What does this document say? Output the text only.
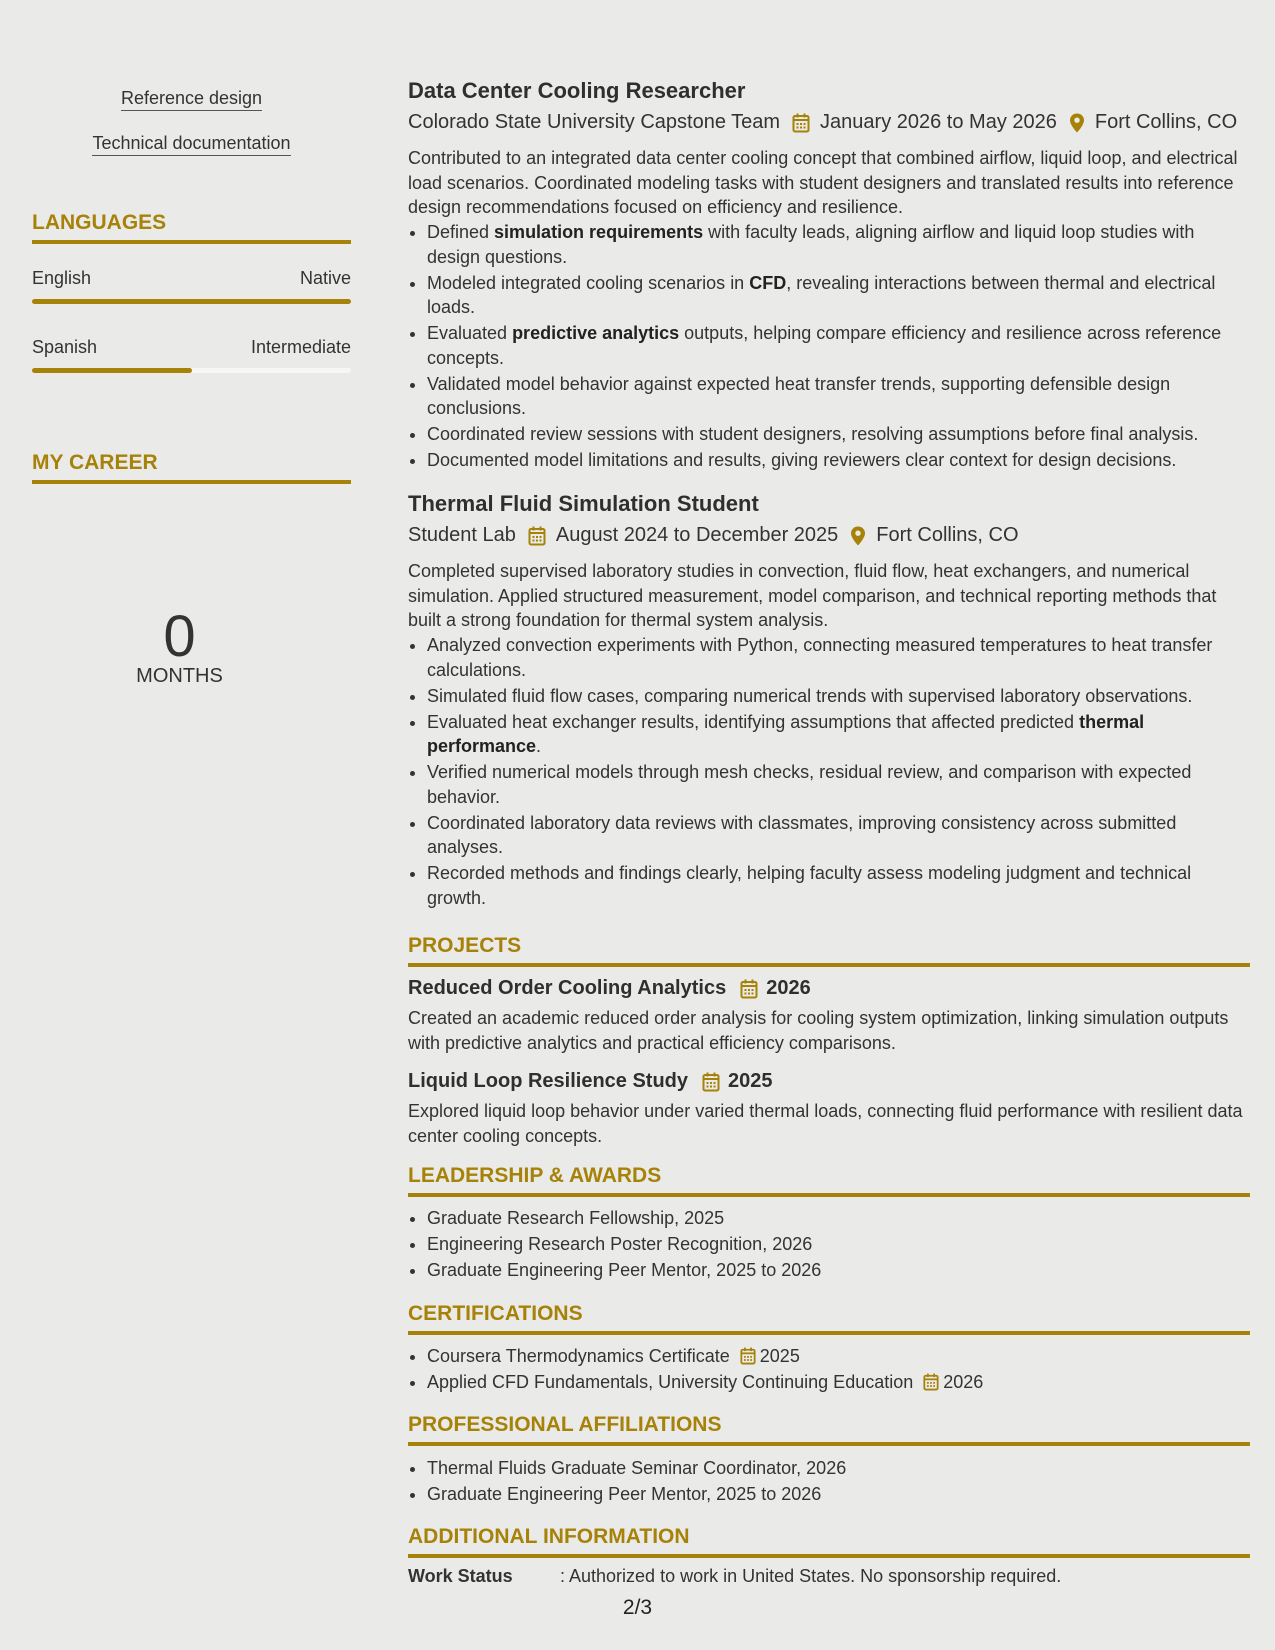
Reference design
Technical documentation
LANGUAGES
English	Native
Spanish	Intermediate
MY CAREER
0
MONTHS
Data Center Cooling Researcher
Colorado State University Capstone Team January 2026 to May 2026 Fort Collins, CO
Contributed to an integrated data center cooling concept that combined airflow, liquid loop, and electrical load scenarios. Coordinated modeling tasks with student designers and translated results into reference design recommendations focused on efficiency and resilience.
• Defined simulation requirements with faculty leads, aligning airflow and liquid loop studies with design questions.
• Modeled integrated cooling scenarios in CFD, revealing interactions between thermal and electrical loads.
• Evaluated predictive analytics outputs, helping compare efficiency and resilience across reference concepts.
• Validated model behavior against expected heat transfer trends, supporting defensible design conclusions.
• Coordinated review sessions with student designers, resolving assumptions before final analysis.
• Documented model limitations and results, giving reviewers clear context for design decisions.
Thermal Fluid Simulation Student
Student Lab August 2024 to December 2025 Fort Collins, CO
Completed supervised laboratory studies in convection, fluid flow, heat exchangers, and numerical simulation. Applied structured measurement, model comparison, and technical reporting methods that built a strong foundation for thermal system analysis.
• Analyzed convection experiments with Python, connecting measured temperatures to heat transfer calculations.
• Simulated fluid flow cases, comparing numerical trends with supervised laboratory observations.
• Evaluated heat exchanger results, identifying assumptions that affected predicted thermal performance.
• Verified numerical models through mesh checks, residual review, and comparison with expected behavior.
• Coordinated laboratory data reviews with classmates, improving consistency across submitted analyses.
• Recorded methods and findings clearly, helping faculty assess modeling judgment and technical growth.
PROJECTS
Reduced Order Cooling Analytics 2026
Created an academic reduced order analysis for cooling system optimization, linking simulation outputs with predictive analytics and practical efficiency comparisons.
Liquid Loop Resilience Study 2025
Explored liquid loop behavior under varied thermal loads, connecting fluid performance with resilient data center cooling concepts.
LEADERSHIP & AWARDS
• Graduate Research Fellowship, 2025
• Engineering Research Poster Recognition, 2026
• Graduate Engineering Peer Mentor, 2025 to 2026
CERTIFICATIONS
• Coursera Thermodynamics Certificate 2025
• Applied CFD Fundamentals, University Continuing Education 2026
PROFESSIONAL AFFILIATIONS
• Thermal Fluids Graduate Seminar Coordinator, 2026
• Graduate Engineering Peer Mentor, 2025 to 2026
ADDITIONAL INFORMATION
Work Status	: Authorized to work in United States. No sponsorship required.
2/3
